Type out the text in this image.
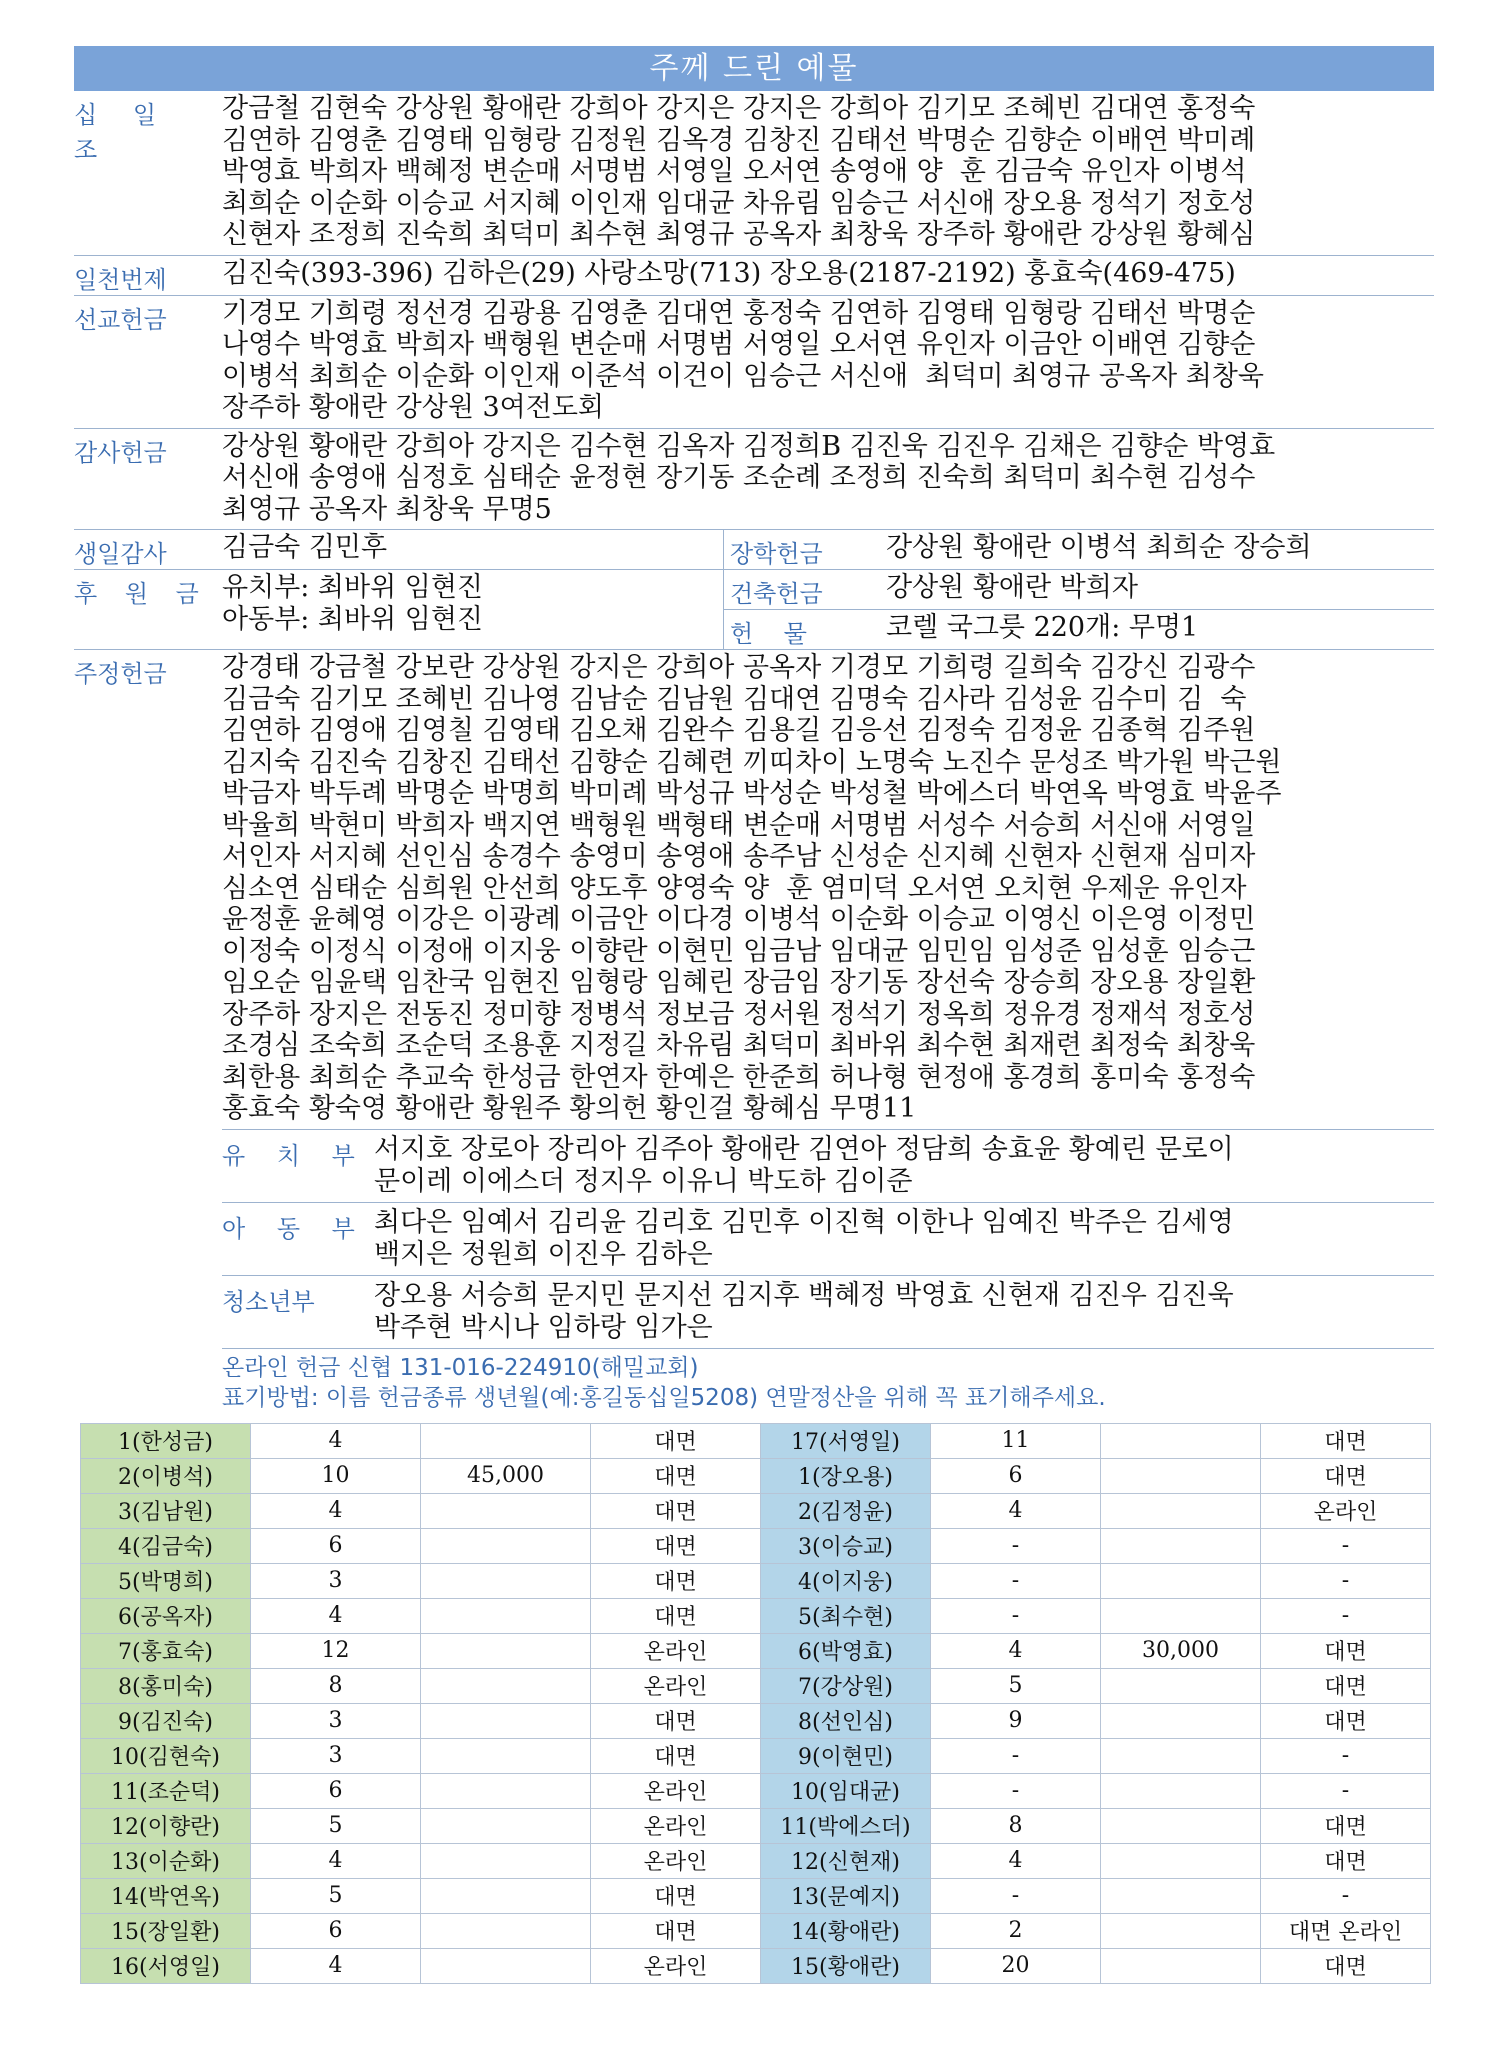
주께 드린 예물
십 일 조
강금철 김현숙 강상원 황애란 강희아 강지은 강지은 강희아 김기모 조혜빈 김대연 홍정숙
김연하 김영춘 김영태 임형랑 김정원 김옥경 김창진 김태선 박명순 김향순 이배연 박미례
박영효 박희자 백혜정 변순매 서명범 서영일 오서연 송영애 양  훈 김금숙 유인자 이병석
최희순 이순화 이승교 서지혜 이인재 임대균 차유림 임승근 서신애 장오용 정석기 정호성
신현자 조정희 진숙희 최덕미 최수현 최영규 공옥자 최창욱 장주하 황애란 강상원 황혜심
일천번제	김진숙(393-396) 김하은(29) 사랑소망(713) 장오용(2187-2192) 홍효숙(469-475)
선교헌금	기경모 기희령 정선경 김광용 김영춘 김대연 홍정숙 김연하 김영태 임형랑 김태선 박명순
나영수 박영효 박희자 백형원 변순매 서명범 서영일 오서연 유인자 이금안 이배연 김향순
이병석 최희순 이순화 이인재 이준석 이건이 임승근 서신애  최덕미 최영규 공옥자 최창욱
장주하 황애란 강상원 3여전도회
감사헌금	강상원 황애란 강희아 강지은 김수현 김옥자 김정희B 김진욱 김진우 김채은 김향순 박영효
서신애 송영애 심정호 심태순 윤정현 장기동 조순례 조정희 진숙희 최덕미 최수현 김성수
최영규 공옥자 최창욱 무명5
생일감사	김금숙 김민후	장학헌금	강상원 황애란 이병석 최희순 장승희
후 원 금 유치부: 최바위 임현진
아동부: 최바위 임현진
건축헌금	강상원 황애란 박희자
헌    물	코렐 국그릇 220개: 무명1
주정헌금	강경태 강금철 강보란 강상원 강지은 강희아 공옥자 기경모 기희령 길희숙 김강신 김광수
김금숙 김기모 조혜빈 김나영 김남순 김남원 김대연 김명숙 김사라 김성윤 김수미 김  숙
김연하 김영애 김영칠 김영태 김오채 김완수 김용길 김응선 김정숙 김정윤 김종혁 김주원
김지숙 김진숙 김창진 김태선 김향순 김혜련 끼띠차이 노명숙 노진수 문성조 박가원 박근원
박금자 박두례 박명순 박명희 박미례 박성규 박성순 박성철 박에스더 박연옥 박영효 박윤주
박율희 박현미 박희자 백지연 백형원 백형태 변순매 서명범 서성수 서승희 서신애 서영일
서인자 서지혜 선인심 송경수 송영미 송영애 송주남 신성순 신지혜 신현자 신현재 심미자
심소연 심태순 심희원 안선희 양도후 양영숙 양  훈 염미덕 오서연 오치현 우제운 유인자
윤정훈 윤혜영 이강은 이광례 이금안 이다경 이병석 이순화 이승교 이영신 이은영 이정민
이정숙 이정식 이정애 이지웅 이향란 이현민 임금남 임대균 임민임 임성준 임성훈 임승근
임오순 임윤택 임찬국 임현진 임형랑 임혜린 장금임 장기동 장선숙 장승희 장오용 장일환
장주하 장지은 전동진 정미향 정병석 정보금 정서원 정석기 정옥희 정유경 정재석 정호성
조경심 조숙희 조순덕 조용훈 지정길 차유림 최덕미 최바위 최수현 최재련 최정숙 최창욱
최한용 최희순 추교숙 한성금 한연자 한예은 한준희 허나형 현정애 홍경희 홍미숙 홍정숙
홍효숙 황숙영 황애란 황원주 황의헌 황인걸 황혜심 무명11
유 치 부 서지호 장로아 장리아 김주아 황애란 김연아 정담희 송효윤 황예린 문로이
문이레 이에스더 정지우 이유니 박도하 김이준
아 동 부 최다은 임예서 김리윤 김리호 김민후 이진혁 이한나 임예진 박주은 김세영
백지은 정원희 이진우 김하은
청소년부	장오용 서승희 문지민 문지선 김지후 백혜정 박영효 신현재 김진우 김진욱
박주현 박시나 임하랑 임가은
온라인 헌금 신협 131-016-224910(해밀교회)
표기방법: 이름 헌금종류 생년월(예:홍길동십일5208) 연말정산을 위해 꼭 표기해주세요.
1(한성금)	4		대면	17(서영일)	11		대면
2(이병석)	10	45,000	대면	1(장오용)	6		대면
3(김남원)	4		대면	2(김정윤)	4		온라인
4(김금숙)	6		대면	3(이승교)	-		-
5(박명희)	3		대면	4(이지웅)	-		-
6(공옥자)	4		대면	5(최수현)	-		-
7(홍효숙)	12		온라인	6(박영효)	4	30,000	대면
8(홍미숙)	8		온라인	7(강상원)	5		대면
9(김진숙)	3		대면	8(선인심)	9		대면
10(김현숙)	3		대면	9(이현민)	-		-
11(조순덕)	6		온라인	10(임대균)	-		-
12(이향란)	5		온라인	11(박에스더)	8		대면
13(이순화)	4		온라인	12(신현재)	4		대면
14(박연옥)	5		대면	13(문예지)	-		-
15(장일환)	6		대면	14(황애란)	2		대면 온라인
16(서영일)	4		온라인	15(황애란)	20		대면
